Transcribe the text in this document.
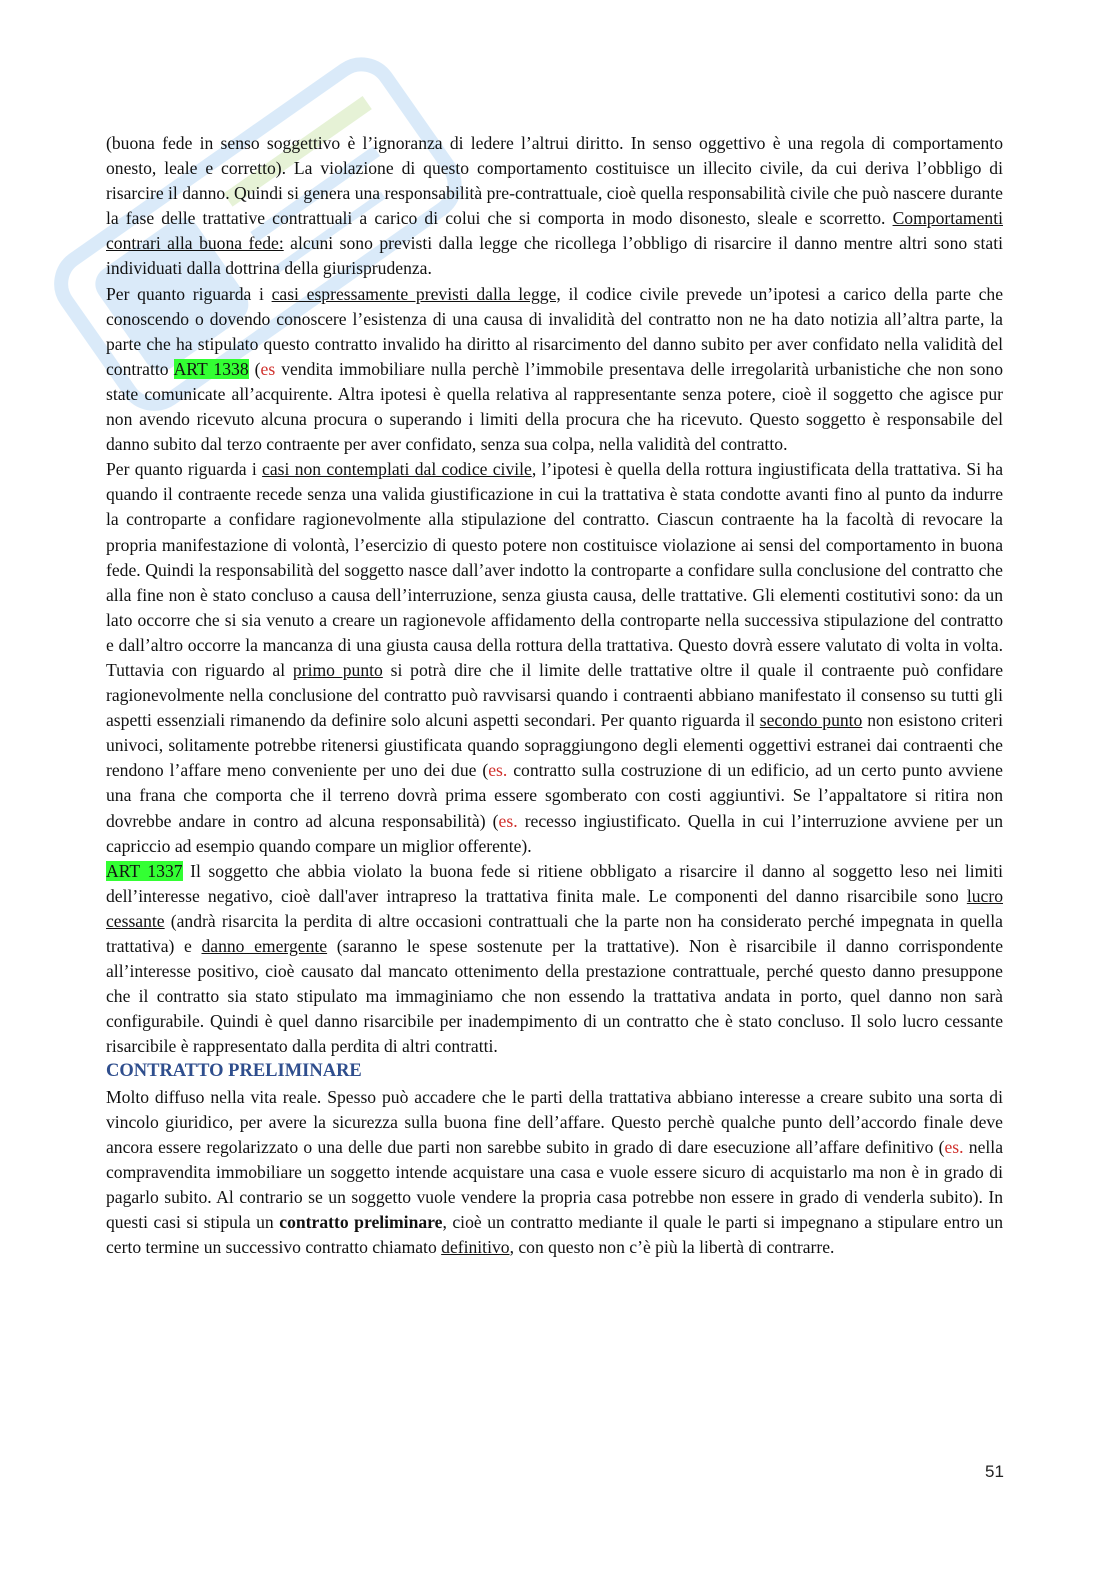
(buona fede in senso soggettivo è l’ignoranza di ledere l’altrui diritto. In senso oggettivo è una regola di comportamento onesto, leale e corretto). La violazione di questo comportamento costituisce un illecito civile, da cui deriva l’obbligo di risarcire il danno. Quindi si genera una responsabilità pre-contrattuale, cioè quella responsabilità civile che può nascere durante la fase delle trattative contrattuali a carico di colui che si comporta in modo disonesto, sleale e scorretto. Comportamenti contrari alla buona fede: alcuni sono previsti dalla legge che ricollega l’obbligo di risarcire il danno mentre altri sono stati individuati dalla dottrina della giurisprudenza.

Per quanto riguarda i casi espressamente previsti dalla legge, il codice civile prevede un’ipotesi a carico della parte che conoscendo o dovendo conoscere l’esistenza di una causa di invalidità del contratto non ne ha dato notizia all’altra parte, la parte che ha stipulato questo contratto invalido ha diritto al risarcimento del danno subito per aver confidato nella validità del contratto ART 1338 (es vendita immobiliare nulla perchè l’immobile presentava delle irregolarità urbanistiche che non sono state comunicate all’acquirente. Altra ipotesi è quella relativa al rappresentante senza potere, cioè il soggetto che agisce pur non avendo ricevuto alcuna procura o superando i limiti della procura che ha ricevuto. Questo soggetto è responsabile del danno subito dal terzo contraente per aver confidato, senza sua colpa, nella validità del contratto.

Per quanto riguarda i casi non contemplati dal codice civile, l’ipotesi è quella della rottura ingiustificata della trattativa. Si ha quando il contraente recede senza una valida giustificazione in cui la trattativa è stata condotte avanti fino al punto da indurre la controparte a confidare ragionevolmente alla stipulazione del contratto. Ciascun contraente ha la facoltà di revocare la propria manifestazione di volontà, l’esercizio di questo potere non costituisce violazione ai sensi del comportamento in buona fede. Quindi la responsabilità del soggetto nasce dall’aver indotto la controparte a confidare sulla conclusione del contratto che alla fine non è stato concluso a causa dell’interruzione, senza giusta causa, delle trattative. Gli elementi costitutivi sono: da un lato occorre che si sia venuto a creare un ragionevole affidamento della controparte nella successiva stipulazione del contratto e dall’altro occorre la mancanza di una giusta causa della rottura della trattativa. Questo dovrà essere valutato di volta in volta. Tuttavia con riguardo al primo punto si potrà dire che il limite delle trattative oltre il quale il contraente può confidare ragionevolmente nella conclusione del contratto può ravvisarsi quando i contraenti abbiano manifestato il consenso su tutti gli aspetti essenziali rimanendo da definire solo alcuni aspetti secondari. Per quanto riguarda il secondo punto non esistono criteri univoci, solitamente potrebbe ritenersi giustificata quando sopraggiungono degli elementi oggettivi estranei dai contraenti che rendono l’affare meno conveniente per uno dei due (es. contratto sulla costruzione di un edificio, ad un certo punto avviene una frana che comporta che il terreno dovrà prima essere sgomberato con costi aggiuntivi. Se l’appaltatore si ritira non dovrebbe andare in contro ad alcuna responsabilità) (es. recesso ingiustificato. Quella in cui l’interruzione avviene per un capriccio ad esempio quando compare un miglior offerente).

ART 1337 Il soggetto che abbia violato la buona fede si ritiene obbligato a risarcire il danno al soggetto leso nei limiti dell’interesse negativo, cioè dall'aver intrapreso la trattativa finita male. Le componenti del danno risarcibile sono lucro cessante (andrà risarcita la perdita di altre occasioni contrattuali che la parte non ha considerato perché impegnata in quella trattativa) e danno emergente (saranno le spese sostenute per la trattative). Non è risarcibile il danno corrispondente all’interesse positivo, cioè causato dal mancato ottenimento della prestazione contrattuale, perché questo danno presuppone che il contratto sia stato stipulato ma immaginiamo che non essendo la trattativa andata in porto, quel danno non sarà configurabile. Quindi è quel danno risarcibile per inadempimento di un contratto che è stato concluso. Il solo lucro cessante risarcibile è rappresentato dalla perdita di altri contratti.

CONTRATTO PRELIMINARE

Molto diffuso nella vita reale. Spesso può accadere che le parti della trattativa abbiano interesse a creare subito una sorta di vincolo giuridico, per avere la sicurezza sulla buona fine dell’affare. Questo perchè qualche punto dell’accordo finale deve ancora essere regolarizzato o una delle due parti non sarebbe subito in grado di dare esecuzione all’affare definitivo (es. nella compravendita immobiliare un soggetto intende acquistare una casa e vuole essere sicuro di acquistarlo ma non è in grado di pagarlo subito. Al contrario se un soggetto vuole vendere la propria casa potrebbe non essere in grado di venderla subito). In questi casi si stipula un contratto preliminare, cioè un contratto mediante il quale le parti si impegnano a stipulare entro un certo termine un successivo contratto chiamato definitivo, con questo non c’è più la libertà di contrarre.

51
